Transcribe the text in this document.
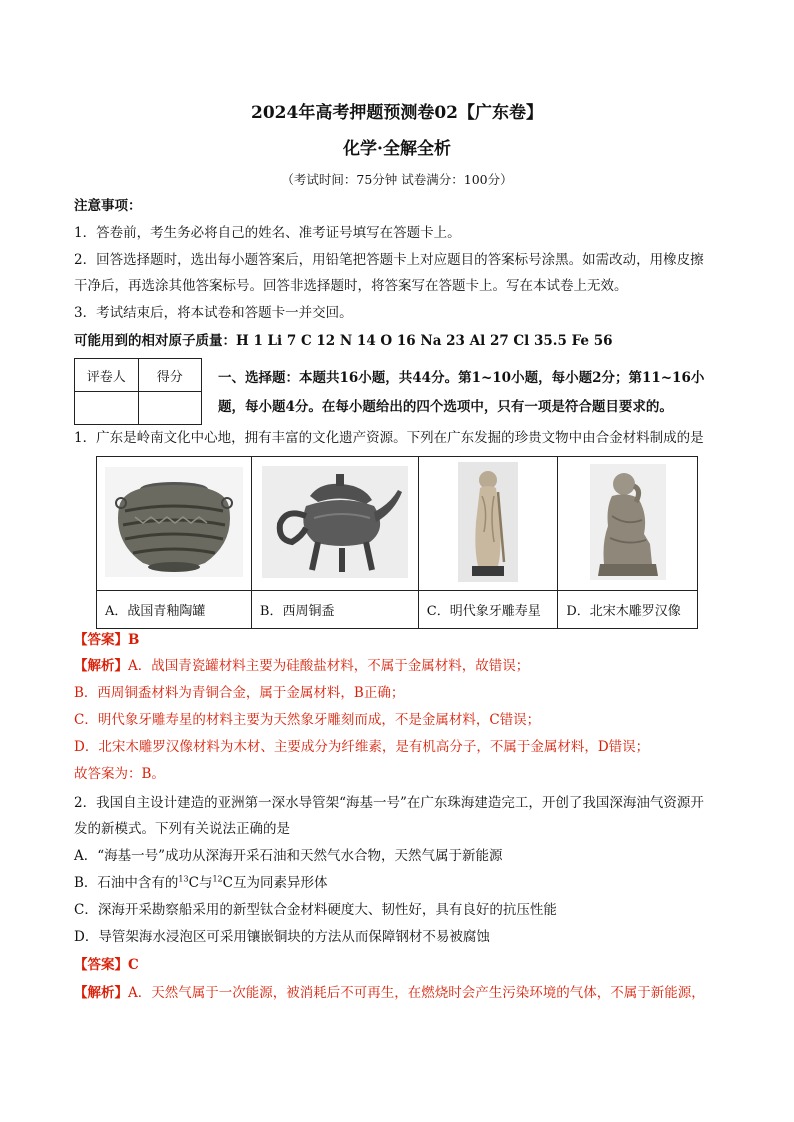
2024年高考押题预测卷02【广东卷】
化学·全解全析
（考试时间：75分钟 试卷满分：100分）
注意事项：
1．答卷前，考生务必将自己的姓名、准考证号填写在答题卡上。
2．回答选择题时，选出每小题答案后，用铅笔把答题卡上对应题目的答案标号涂黑。如需改动，用橡皮擦
干净后，再选涂其他答案标号。回答非选择题时，将答案写在答题卡上。写在本试卷上无效。
3．考试结束后，将本试卷和答题卡一并交回。
可能用到的相对原子质量：H 1 Li 7 C 12 N 14 O 16 Na 23 Al 27 Cl 35.5 Fe 56
评卷人	得分
		一、选择题：本题共16小题，共44分。第1~10小题，每小题2分；第11~16小
题，每小题4分。在每小题给出的四个选项中，只有一项是符合题目要求的。
1．广东是岭南文化中心地，拥有丰富的文化遗产资源。下列在广东发掘的珍贵文物中由合金材料制成的是

A．战国青釉陶罐	B．西周铜盉	C．明代象牙雕寿星	D．北宋木雕罗汉像
【答案】B
【解析】A．战国青瓷罐材料主要为硅酸盐材料，不属于金属材料，故错误；
B．西周铜盉材料为青铜合金，属于金属材料，B正确；
C．明代象牙雕寿星的材料主要为天然象牙雕刻而成，不是金属材料，C错误；
D．北宋木雕罗汉像材料为木材、主要成分为纤维素，是有机高分子，不属于金属材料，D错误；
故答案为：B。
2．我国自主设计建造的亚洲第一深水导管架“海基一号”在广东珠海建造完工，开创了我国深海油气资源开
发的新模式。下列有关说法正确的是
A．“海基一号”成功从深海开采石油和天然气水合物，天然气属于新能源
B．石油中含有的$^{13}$C与$^{12}$C互为同素异形体
C．深海开采勘察船采用的新型钛合金材料硬度大、韧性好，具有良好的抗压性能
D．导管架海水浸泡区可采用镶嵌铜块的方法从而保障钢材不易被腐蚀
【答案】C
【解析】A．天然气属于一次能源，被消耗后不可再生，在燃烧时会产生污染环境的气体，不属于新能源，
